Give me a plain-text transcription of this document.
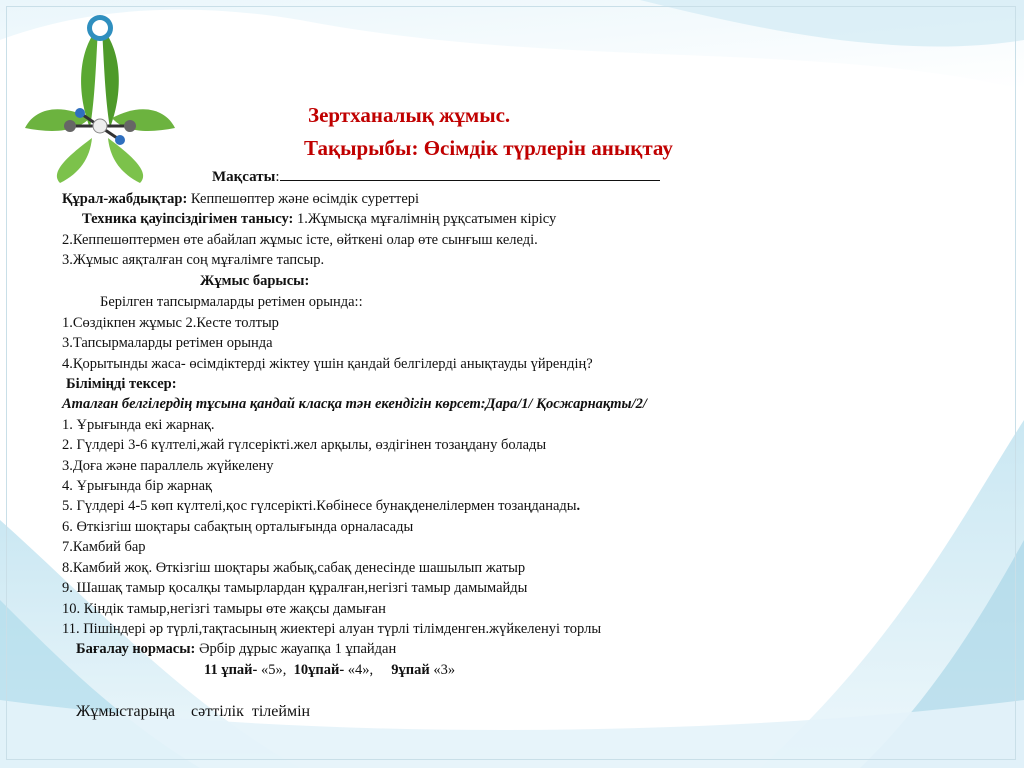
Зертханалық жұмыс.
Тақырыбы: Өсімдік түрлерін анықтау
Мақсаты:
Құрал-жабдықтар: Кеппешөптер және өсімдік суреттері
Техника қауіпсіздігімен танысу: 1.Жұмысқа мұғалімнің рұқсатымен кірісу
2.Кеппешөптермен өте абайлап жұмыс істе, өйткені олар өте сынғыш келеді.
3.Жұмыс аяқталған соң мұғалімге тапсыр.
Жұмыс барысы:
Берілген тапсырмаларды ретімен орында::
1.Сөздікпен жұмыс 2.Кесте толтыр
3.Тапсырмаларды ретімен орында
4.Қорытынды жаса- өсімдіктерді жіктеу үшін қандай белгілерді анықтауды үйрендің?
Біліміңді тексер:
Аталған белгілердің тұсына қандай класқа тән екендігін көрсет:Дара/1/ Қосжарнақты/2/
1. Ұрығында екі жарнақ.
2. Гүлдері 3-6 күлтелі,жай гүлсерікті.жел арқылы, өздігінен тозаңдану болады
3.Доға және параллель жүйкелену
4. Ұрығында бір жарнақ
5. Гүлдері 4-5 көп күлтелі,қос гүлсерікті.Көбінесе бунақденелілермен тозаңданады.
6. Өткізгіш шоқтары сабақтың орталығында орналасады
7.Камбий бар
8.Камбий жоқ. Өткізгіш шоқтары жабық,сабақ денесінде шашылып жатыр
9. Шашақ тамыр қосалқы тамырлардан құралған,негізгі тамыр дамымайды
10. Кіндік тамыр,негізгі тамыры өте жақсы дамыған
11. Пішіндері әр түрлі,тақтасының жиектері алуан түрлі тілімденген.жүйкеленуі торлы
Бағалау нормасы: Әрбір дұрыс жауапқа 1 ұпайдан
11 ұпай- «5»,  10ұпай- «4»,     9ұпай «3»
Жұмыстарыңа    сәттілік  тілеймін
